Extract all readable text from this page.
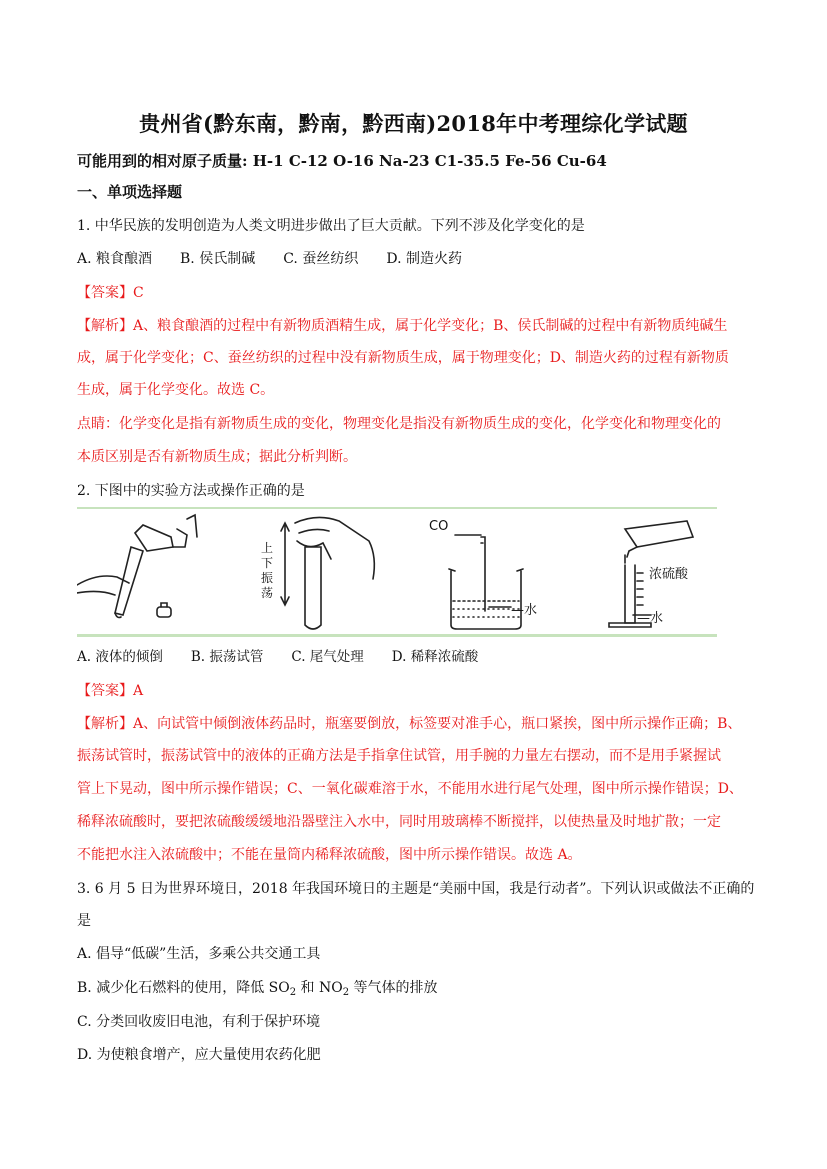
贵州省(黔东南，黔南，黔西南)2018年中考理综化学试题
可能用到的相对原子质量: H-1 C-12 O-16 Na-23 C1-35.5 Fe-56 Cu-64
一、单项选择题
1. 中华民族的发明创造为人类文明进步做出了巨大贡献。下列不涉及化学变化的是
A. 粮食酿酒 B. 侯氏制碱 C. 蚕丝纺织 D. 制造火药
【答案】C
【解析】A、粮食酿酒的过程中有新物质酒精生成，属于化学变化；B、侯氏制碱的过程中有新物质纯碱生
成，属于化学变化；C、蚕丝纺织的过程中没有新物质生成，属于物理变化；D、制造火药的过程有新物质
生成，属于化学变化。故选 C。
点睛：化学变化是指有新物质生成的变化，物理变化是指没有新物质生成的变化，化学变化和物理变化的
本质区别是否有新物质生成；据此分析判断。
2. 下图中的实验方法或操作正确的是
上
下
振
荡
CO
—水
浓硫酸
—水
A. 液体的倾倒 B. 振荡试管 C. 尾气处理 D. 稀释浓硫酸
【答案】A
【解析】A、向试管中倾倒液体药品时，瓶塞要倒放，标签要对准手心，瓶口紧挨，图中所示操作正确；B、
振荡试管时，振荡试管中的液体的正确方法是手指拿住试管，用手腕的力量左右摆动，而不是用手紧握试
管上下晃动，图中所示操作错误；C、一氧化碳难溶于水，不能用水进行尾气处理，图中所示操作错误；D、
稀释浓硫酸时，要把浓硫酸缓缓地沿器壁注入水中，同时用玻璃棒不断搅拌，以使热量及时地扩散；一定
不能把水注入浓硫酸中；不能在量筒内稀释浓硫酸，图中所示操作错误。故选 A。
3. 6 月 5 日为世界环境日，2018 年我国环境日的主题是“美丽中国，我是行动者”。下列认识或做法不正确的
是
A. 倡导“低碳”生活，多乘公共交通工具
B. 减少化石燃料的使用，降低 $SO_2$ 和 $NO_2$ 等气体的排放
C. 分类回收废旧电池，有利于保护环境
D. 为使粮食增产，应大量使用农药化肥
